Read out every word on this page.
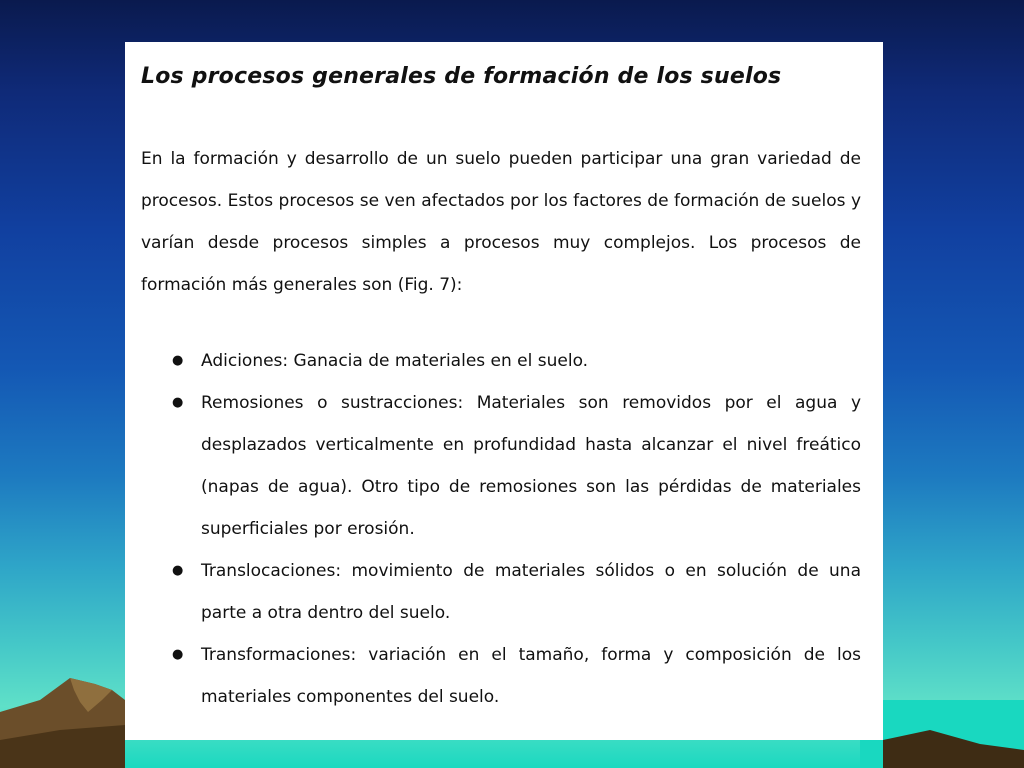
Los procesos generales de formación de los suelos

En la formación y desarrollo de un suelo pueden participar una gran variedad de procesos. Estos procesos se ven afectados por los factores de formación de suelos y varían desde procesos simples a procesos muy complejos. Los procesos de formación más generales son (Fig. 7):

● Adiciones: Ganacia de materiales en el suelo.
● Remosiones o sustracciones: Materiales son removidos por el agua y desplazados verticalmente en profundidad hasta alcanzar el nivel freático (napas de agua). Otro tipo de remosiones son las pérdidas de materiales superficiales por erosión.
● Translocaciones: movimiento de materiales sólidos o en solución de una parte a otra dentro del suelo.
● Transformaciones: variación en el tamaño, forma y composición de los materiales componentes del suelo.
